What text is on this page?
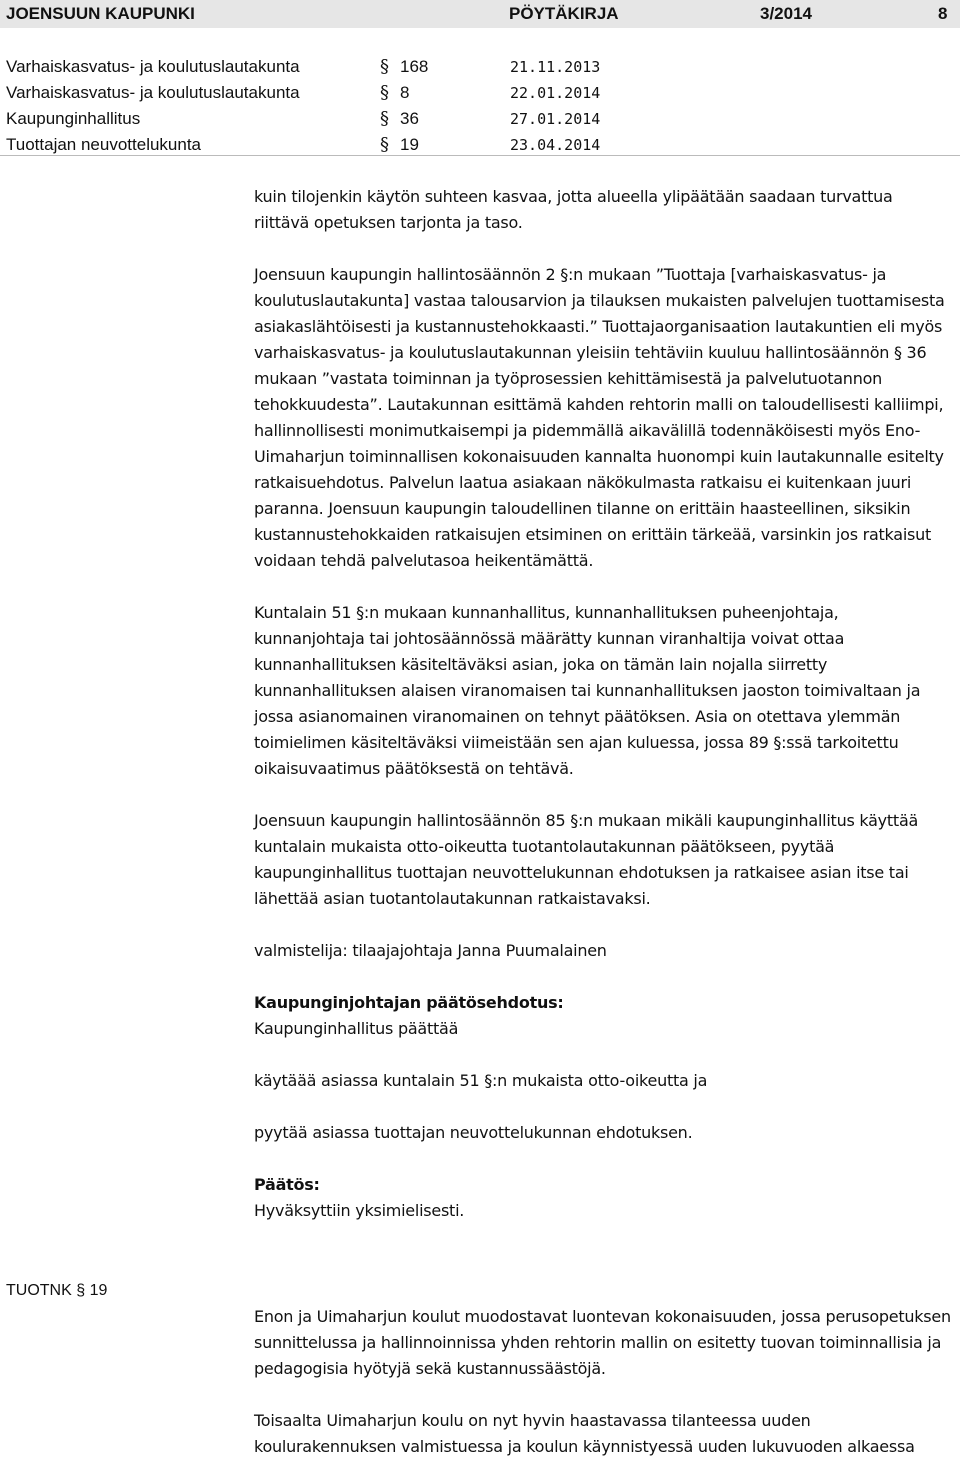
JOENSUUN KAUPUNKI	PÖYTÄKIRJA	3/2014	8
Varhaiskasvatus- ja koulutuslautakunta	§ 168	21.11.2013
Varhaiskasvatus- ja koulutuslautakunta	§ 8	22.01.2014
Kaupunginhallitus	§ 36	27.01.2014
Tuottajan neuvottelukunta	§ 19	23.04.2014

kuin tilojenkin käytön suhteen kasvaa, jotta alueella ylipäätään saadaan turvattua riittävä opetuksen tarjonta ja taso.

Joensuun kaupungin hallintosäännön 2 §:n mukaan ”Tuottaja [varhaiskasvatus- ja koulutuslautakunta] vastaa talousarvion ja tilauksen mukaisten palvelujen tuottamisesta asiakaslähtöisesti ja kustannustehokkaasti.” Tuottajaorganisaation lautakuntien eli myös varhaiskasvatus- ja koulutuslautakunnan yleisiin tehtäviin kuuluu hallintosäännön § 36 mukaan ”vastata toiminnan ja työprosessien kehittämisestä ja palvelutuotannon tehokkuudesta”. Lautakunnan esittämä kahden rehtorin malli on taloudellisesti kalliimpi, hallinnollisesti monimutkaisempi ja pidemmällä aikavälillä todennäköisesti myös Eno-Uimaharjun toiminnallisen kokonaisuuden kannalta huonompi kuin lautakunnalle esitelty ratkaisuehdotus. Palvelun laatua asiakaan näkökulmasta ratkaisu ei kuitenkaan juuri paranna. Joensuun kaupungin taloudellinen tilanne on erittäin haasteellinen, siksikin kustannustehokkaiden ratkaisujen etsiminen on erittäin tärkeää, varsinkin jos ratkaisut voidaan tehdä palvelutasoa heikentämättä.

Kuntalain 51 §:n mukaan kunnanhallitus, kunnanhallituksen puheenjohtaja, kunnanjohtaja tai johtosäännössä määrätty kunnan viranhaltija voivat ottaa kunnanhallituksen käsiteltäväksi asian, joka on tämän lain nojalla siirretty kunnanhallituksen alaisen viranomaisen tai kunnanhallituksen jaoston toimivaltaan ja jossa asianomainen viranomainen on tehnyt päätöksen. Asia on otettava ylemmän toimielimen käsiteltäväksi viimeistään sen ajan kuluessa, jossa 89 §:ssä tarkoitettu oikaisuvaatimus päätöksestä on tehtävä.

Joensuun kaupungin hallintosäännön 85 §:n mukaan mikäli kaupunginhallitus käyttää kuntalain mukaista otto-oikeutta tuotantolautakunnan päätökseen, pyytää kaupunginhallitus tuottajan neuvottelukunnan ehdotuksen ja ratkaisee asian itse tai lähettää asian tuotantolautakunnan ratkaistavaksi.

valmistelija: tilaajajohtaja Janna Puumalainen

Kaupunginjohtajan päätösehdotus:

Kaupunginhallitus päättää

käytäää asiassa kuntalain 51 §:n mukaista otto-oikeutta ja

pyytää asiassa tuottajan neuvottelukunnan ehdotuksen.

Päätös:

Hyväksyttiin yksimielisesti.

TUOTNK § 19

Enon ja Uimaharjun koulut muodostavat luontevan kokonaisuuden, jossa perusopetuksen sunnittelussa ja hallinnoinnissa yhden rehtorin mallin on esitetty tuovan toiminnallisia ja pedagogisia hyötyjä sekä kustannussäästöjä.

Toisaalta Uimaharjun koulu on nyt hyvin haastavassa tilanteessa uuden koulurakennuksen valmistuessa ja koulun käynnistyessä uuden lukuvuoden alkaessa
